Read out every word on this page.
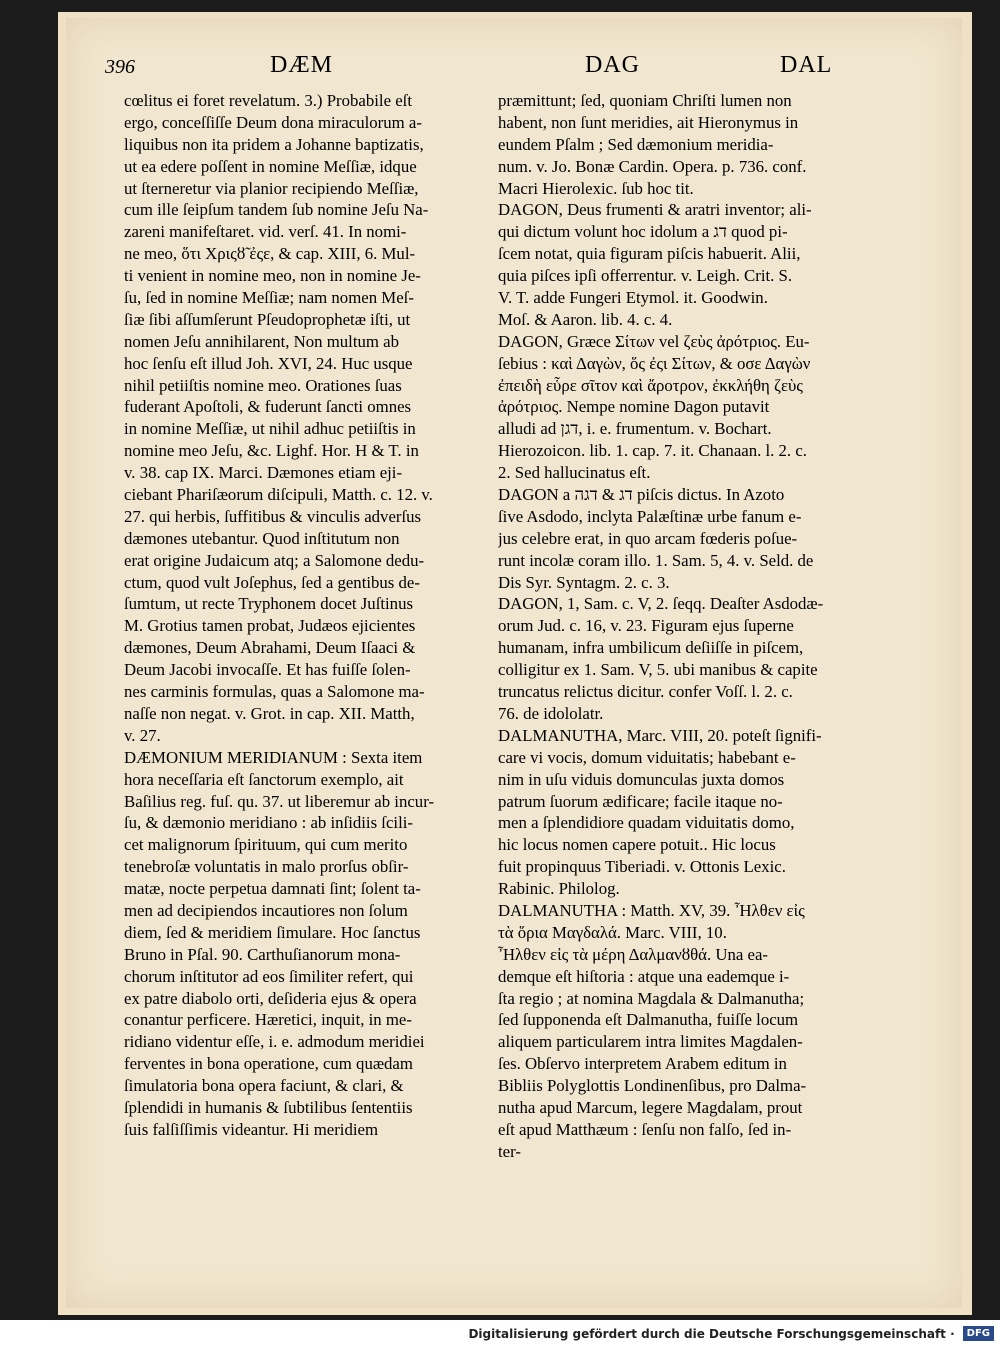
396	DÆM	DAG	DAL
cœlitus ei foret revelatum. 3.) Probabile eſt
ergo, conceſſiſſe Deum dona miraculorum a-
liquibus non ita pridem a Johanne baptizatis,
ut ea edere poſſent in nomine Meſſiæ, idque
ut ſterneretur via planior recipiendo Meſſiæ,
cum ille ſeipſum tandem ſub nomine Jeſu Na-
zareni manifeſtaret. vid. verſ. 41. In nomi-
ne meo, ὅτι Χριςȣ̃ ἐςε, & cap. XIII, 6. Mul-
ti venient in nomine meo, non in nomine Je-
ſu, ſed in nomine Meſſiæ; nam nomen Meſ-
ſiæ ſibi aſſumſerunt Pſeudoprophetæ iſti, ut
nomen Jeſu annihilarent, Non multum ab
hoc ſenſu eſt illud Joh. XVI, 24. Huc usque
nihil petiiſtis nomine meo. Orationes ſuas
fuderant Apoſtoli, & fuderunt ſancti omnes
in nomine Meſſiæ, ut nihil adhuc petiiſtis in
nomine meo Jeſu, &c. Lighf. Hor. H & T. in
v. 38. cap IX. Marci. Dæmones etiam eji-
ciebant Phariſæorum diſcipuli, Matth. c. 12. v.
27. qui herbis, ſuffitibus & vinculis adverſus
dæmones utebantur. Quod inſtitutum non
erat origine Judaicum atq; a Salomone dedu-
ctum, quod vult Joſephus, ſed a gentibus de-
ſumtum, ut recte Tryphonem docet Juſtinus
M. Grotius tamen probat, Judæos ejicientes
dæmones, Deum Abrahami, Deum Iſaaci &
Deum Jacobi invocaſſe. Et has fuiſſe ſolen-
nes carminis formulas, quas a Salomone ma-
naſſe non negat. v. Grot. in cap. XII. Matth,
v. 27.
DÆMONIUM MERIDIANUM : Sexta item
hora neceſſaria eſt ſanctorum exemplo, ait
Baſilius reg. fuſ. qu. 37. ut liberemur ab incur-
ſu, & dæmonio meridiano : ab inſidiis ſcili-
cet malignorum ſpirituum, qui cum merito
tenebroſæ voluntatis in malo prorſus obſir-
matæ, nocte perpetua damnati ſint; ſolent ta-
men ad decipiendos incautiores non ſolum
diem, ſed & meridiem ſimulare. Hoc ſanctus
Bruno in Pſal. 90. Carthuſianorum mona-
chorum inſtitutor ad eos ſimiliter refert, qui
ex patre diabolo orti, deſideria ejus & opera
conantur perficere. Hæretici, inquit, in me-
ridiano videntur eſſe, i. e. admodum meridiei
ferventes in bona operatione, cum quædam
ſimulatoria bona opera faciunt, & clari, &
ſplendidi in humanis & ſubtilibus ſententiis
ſuis falſiſſimis videantur. Hi meridiem
præmittunt; ſed, quoniam Chriſti lumen non
habent, non ſunt meridies, ait Hieronymus in
eundem Pſalm ; Sed dæmonium meridia-
num. v. Jo. Bonæ Cardin. Opera. p. 736. conf.
Macri Hierolexic. ſub hoc tit.
DAGON, Deus frumenti & aratri inventor; ali-
qui dictum volunt hoc idolum a דג quod pi-
ſcem notat, quia figuram piſcis habuerit. Alii,
quia piſces ipſi offerrentur. v. Leigh. Crit. S.
V. T. adde Fungeri Etymol. it. Goodwin.
Moſ. & Aaron. lib. 4. c. 4.
DAGON, Græce Σίτων vel ζεὺς ἀρότριος. Eu-
ſebius : καὶ Δαγὼν, ὅς ἐςι Σίτων, & οσε Δαγὼν
ἐπειδὴ εὗρε σῖτον καὶ ἄροτρον, ἐκκλήθη ζεὺς
ἀρότριος. Nempe nomine Dagon putavit
alludi ad דגן, i. e. frumentum. v. Bochart.
Hierozoicon. lib. 1. cap. 7. it. Chanaan. l. 2. c.
2. Sed hallucinatus eſt.
DAGON a דג & דגה piſcis dictus. In Azoto
ſive Asdodo, inclyta Palæſtinæ urbe fanum e-
jus celebre erat, in quo arcam fœderis poſue-
runt incolæ coram illo. 1. Sam. 5, 4. v. Seld. de
Dis Syr. Syntagm. 2. c. 3.
DAGON, 1, Sam. c. V, 2. ſeqq. Deaſter Asdodæ-
orum Jud. c. 16, v. 23. Figuram ejus ſuperne
humanam, infra umbilicum deſiiſſe in piſcem,
colligitur ex 1. Sam. V, 5. ubi manibus & capite
truncatus relictus dicitur. confer Voſſ. l. 2. c.
76. de idololatr.
DALMANUTHA, Marc. VIII, 20. poteſt ſignifi-
care vi vocis, domum viduitatis; habebant e-
nim in uſu viduis domunculas juxta domos
patrum ſuorum ædificare; facile itaque no-
men a ſplendidiore quadam viduitatis domo,
hic locus nomen capere potuit.. Hic locus
fuit propinquus Tiberiadi. v. Ottonis Lexic.
Rabinic. Philolog.
DALMANUTHA : Matth. XV, 39. Ἦλθεν εἰς
τὰ ὅρια Μαγδαλά. Marc. VIII, 10.
Ἦλθεν εἰς τὰ μέρη Δαλμανȣθά. Una ea-
demque eſt hiſtoria : atque una eademque i-
ſta regio ; at nomina Magdala & Dalmanutha;
ſed ſupponenda eſt Dalmanutha, fuiſſe locum
aliquem particularem intra limites Magdalen-
ſes. Obſervo interpretem Arabem editum in
Bibliis Polyglottis Londinenſibus, pro Dalma-
nutha apud Marcum, legere Magdalam, prout
eſt apud Matthæum : ſenſu non falſo, ſed in-
ter-
Digitalisierung gefördert durch die Deutsche Forschungsgemeinschaft ·	DFG
